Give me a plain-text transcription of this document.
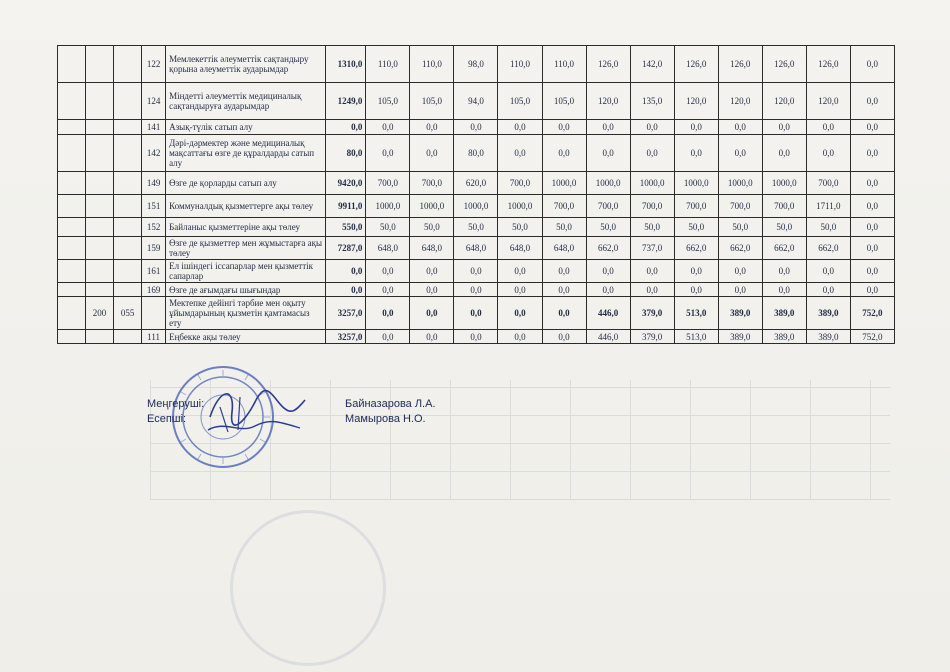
			122	Мемлекеттік әлеуметтік сақтандыру қорына әлеуметтік аударымдар	1310,0	110,0	110,0	98,0	110,0	110,0	126,0	142,0	126,0	126,0	126,0	126,0	0,0
			124	Міндетті әлеуметтік медициналық сақтандыруға аударымдар	1249,0	105,0	105,0	94,0	105,0	105,0	120,0	135,0	120,0	120,0	120,0	120,0	0,0
			141	Азық-түлік сатып алу	0,0	0,0	0,0	0,0	0,0	0,0	0,0	0,0	0,0	0,0	0,0	0,0	0,0
			142	Дәрі-дәрмектер және медициналық мақсаттағы өзге де құралдарды сатып алу	80,0	0,0	0,0	80,0	0,0	0,0	0,0	0,0	0,0	0,0	0,0	0,0	0,0
			149	Өзге де қорларды сатып алу	9420,0	700,0	700,0	620,0	700,0	1000,0	1000,0	1000,0	1000,0	1000,0	1000,0	700,0	0,0
			151	Коммуналдық қызметтерге ақы төлеу	9911,0	1000,0	1000,0	1000,0	1000,0	700,0	700,0	700,0	700,0	700,0	700,0	1711,0	0,0
			152	Байланыс қызметтеріне ақы төлеу	550,0	50,0	50,0	50,0	50,0	50,0	50,0	50,0	50,0	50,0	50,0	50,0	0,0
			159	Өзге де қызметтер мен жұмыстарға ақы төлеу	7287,0	648,0	648,0	648,0	648,0	648,0	662,0	737,0	662,0	662,0	662,0	662,0	0,0
			161	Ел ішіндегі іссапарлар мен қызметтік сапарлар	0,0	0,0	0,0	0,0	0,0	0,0	0,0	0,0	0,0	0,0	0,0	0,0	0,0
			169	Өзге де ағымдағы шығындар	0,0	0,0	0,0	0,0	0,0	0,0	0,0	0,0	0,0	0,0	0,0	0,0	0,0
	200	055		Мектепке дейінгі тәрбие мен оқыту ұйымдарының қызметін қамтамасыз ету	3257,0	0,0	0,0	0,0	0,0	0,0	446,0	379,0	513,0	389,0	389,0	389,0	752,0
			111	Еңбекке ақы төлеу	3257,0	0,0	0,0	0,0	0,0	0,0	446,0	379,0	513,0	389,0	389,0	389,0	752,0
Меңгеруші:	Байназарова Л.А.
Есепші:	Мамырова Н.О.
